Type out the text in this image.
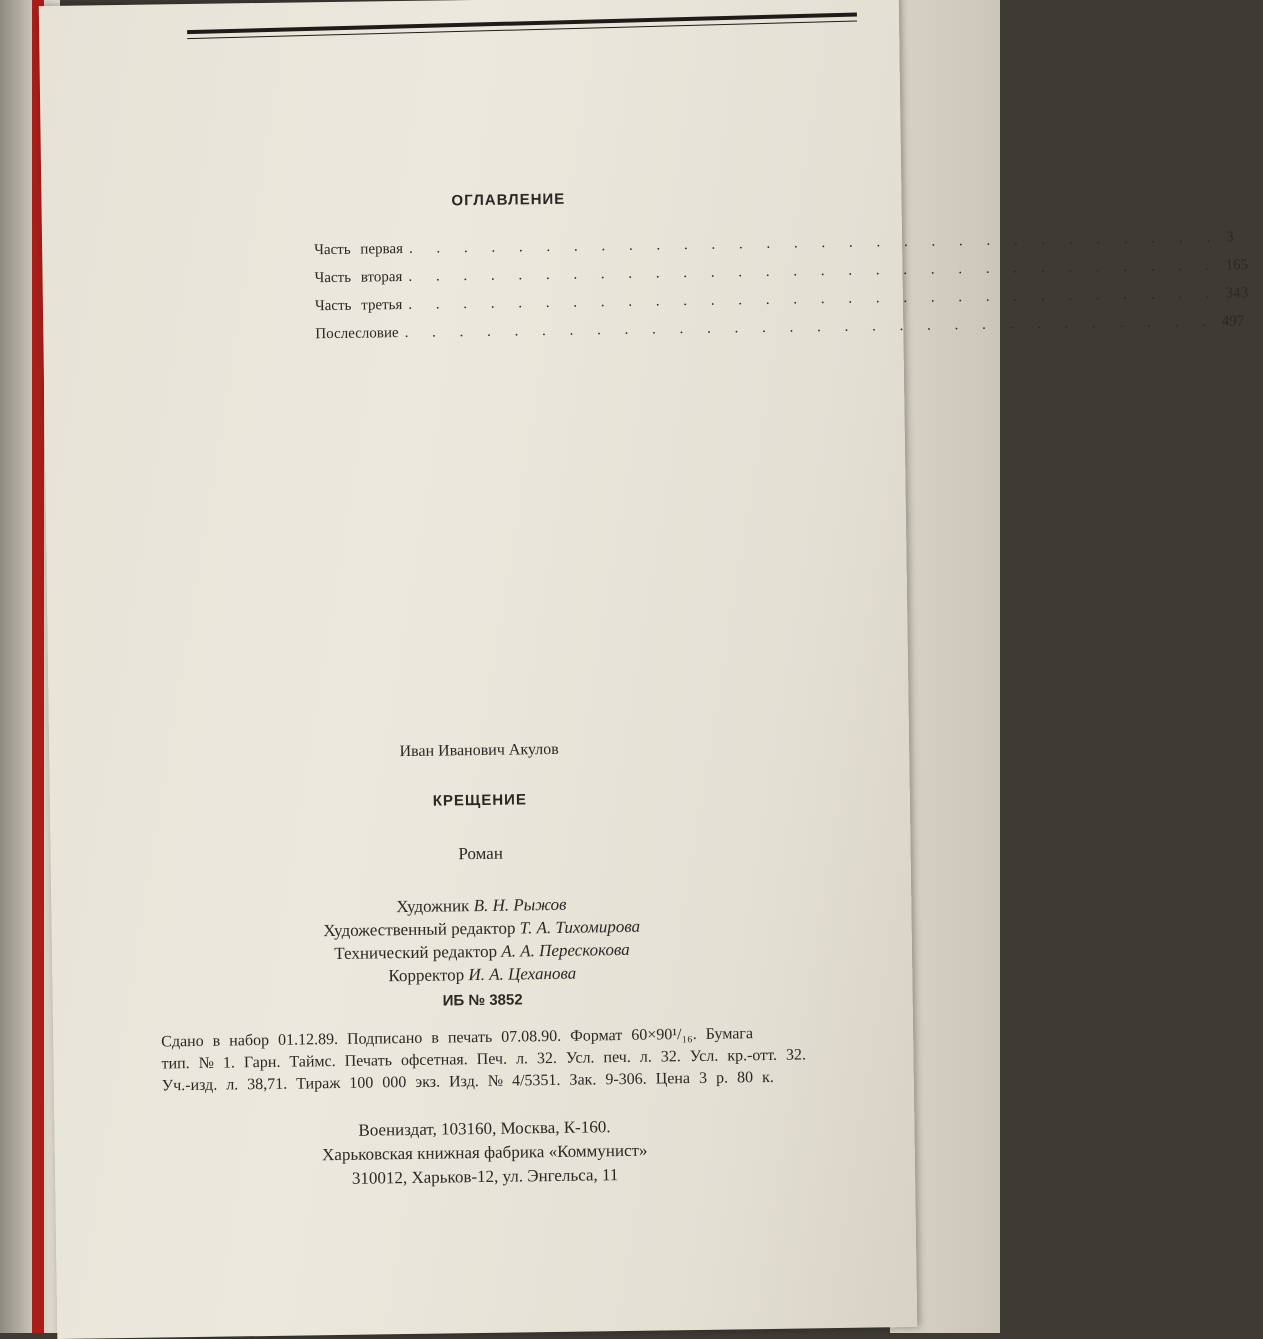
ОГЛАВЛЕНИЕ
Часть первая . . . . . . . . . . . . . . . . . . . . . . . . . . . . . . 3
Часть вторая . . . . . . . . . . . . . . . . . . . . . . . . . . . . . . 165
Часть третья . . . . . . . . . . . . . . . . . . . . . . . . . . . . . . 343
Послесловие . . . . . . . . . . . . . . . . . . . . . . . . . . . . . . 497
Иван Иванович Акулов
КРЕЩЕНИЕ
Роман
Художник В. Н. Рыжов
Художественный редактор Т. А. Тихомирова
Технический редактор А. А. Перескокова
Корректор И. А. Цеханова
ИБ № 3852
Сдано в набор 01.12.89. Подписано в печать 07.08.90. Формат 60×90¹/₁₆. Бумага
тип. № 1. Гарн. Таймс. Печать офсетная. Печ. л. 32. Усл. печ. л. 32. Усл. кр.-отт. 32.
Уч.-изд. л. 38,71. Тираж 100 000 экз. Изд. № 4/5351. Зак. 9-306. Цена 3 р. 80 к.
Воениздат, 103160, Москва, К-160.
Харьковская книжная фабрика «Коммунист»
310012, Харьков-12, ул. Энгельса, 11
